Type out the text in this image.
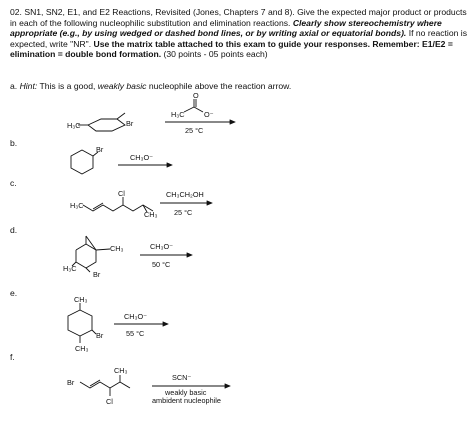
02. SN1, SN2, E1, and E2 Reactions, Revisited (Jones, Chapters 7 and 8). Give the expected major product or products in each of the following nucleophilic substitution and elimination reactions. Clearly show stereochemistry where appropriate (e.g., by using wedged or dashed bond lines, or by writing axial or equatorial bonds). If no reaction is expected, write "NR". Use the matrix table attached to this exam to guide your responses. Remember: E1/E2 = elimination = double bond formation. (30 points - 05 points each)
a. Hint: This is a good, weakly basic nucleophile above the reaction arrow.
b.
c.
d.
e.
f.
H₃C	Br
H₃C
O
O⁻
25 °C
Br
CH₃O⁻
H₃C
Cl
CH₃
CH₃CH₂OH
25 °C
CH₃
H₃C
Br
CH₃O⁻
50 °C
CH₃
Br
CH₃
CH₃O⁻
55 °C
Br
Cl
CH₃
SCN⁻
weakly basic
ambident nucleophile
